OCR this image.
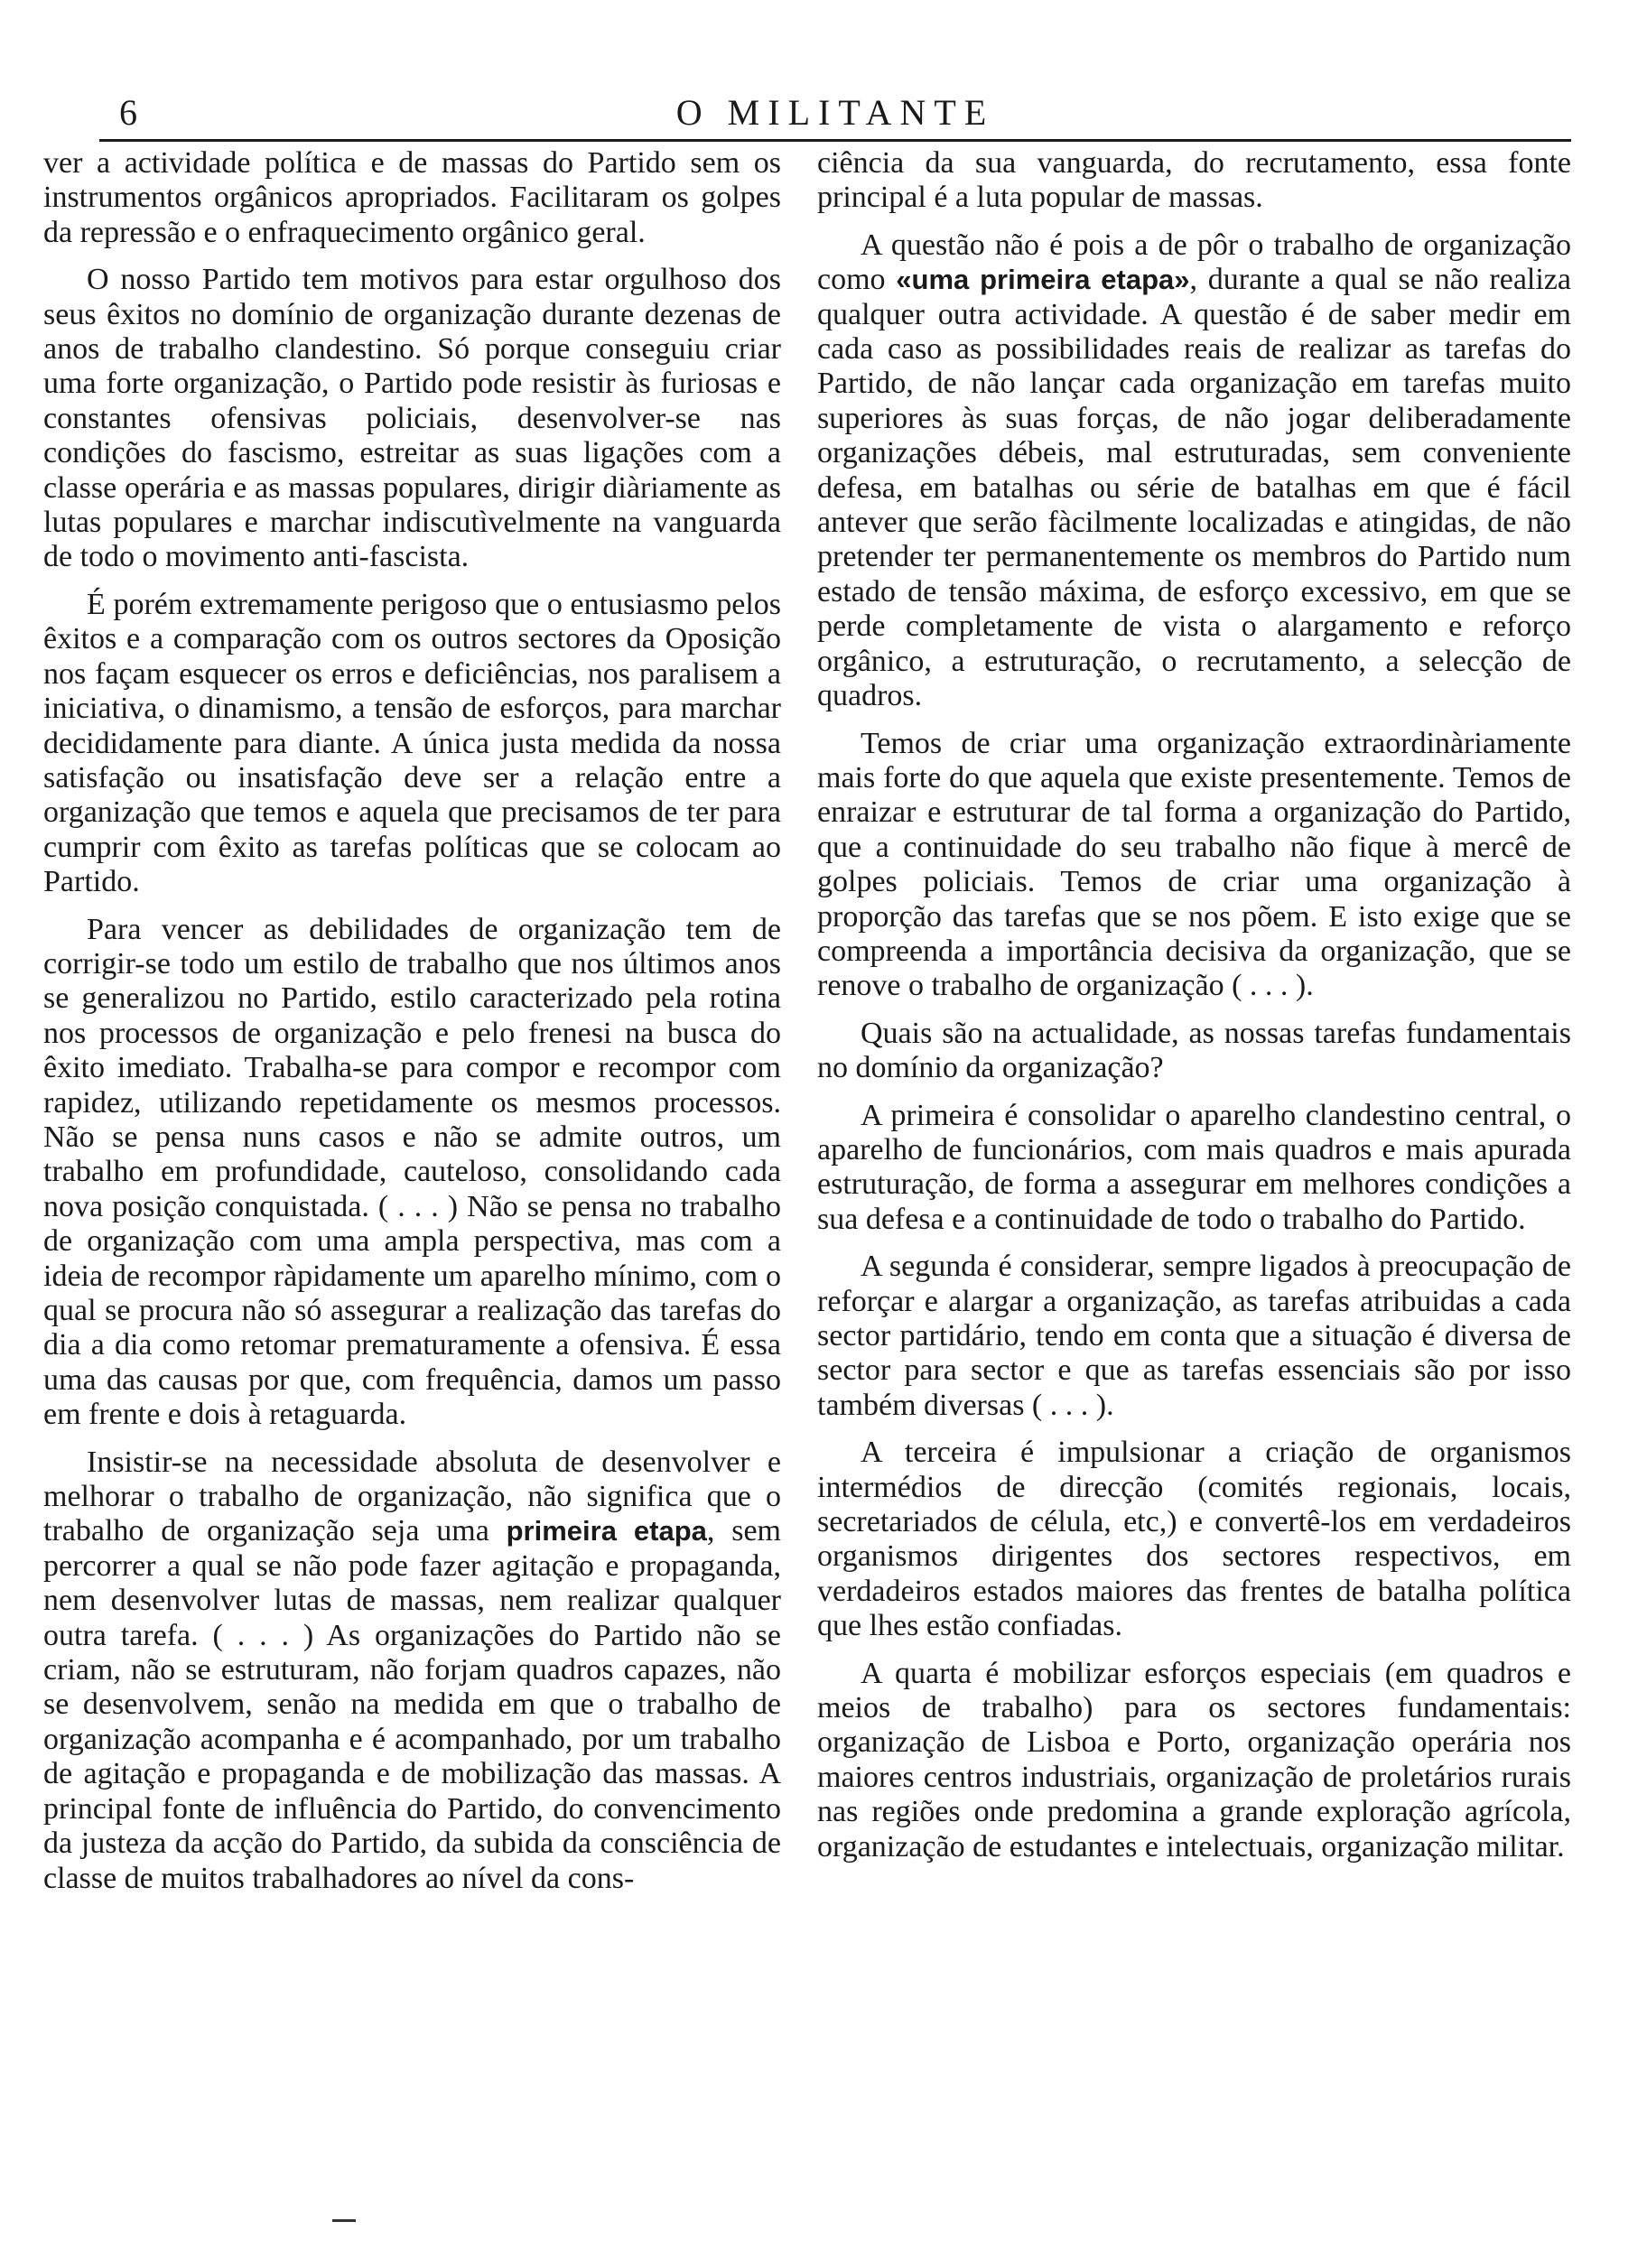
6	O MILITANTE

ver a actividade política e de massas do Partido sem os instrumentos orgânicos apropriados. Facilitaram os golpes da repressão e o enfraquecimento orgânico geral.

O nosso Partido tem motivos para estar orgulhoso dos seus êxitos no domínio de organização durante dezenas de anos de trabalho clandestino. Só porque conseguiu criar uma forte organização, o Partido pode resistir às furiosas e constantes ofensivas policiais, desenvolver-se nas condições do fascismo, estreitar as suas ligações com a classe operária e as massas populares, dirigir diàriamente as lutas populares e marchar indiscutìvelmente na vanguarda de todo o movimento anti-fascista.

É porém extremamente perigoso que o entusiasmo pelos êxitos e a comparação com os outros sectores da Oposição nos façam esquecer os erros e deficiências, nos paralisem a iniciativa, o dinamismo, a tensão de esforços, para marchar decididamente para diante. A única justa medida da nossa satisfação ou insatisfação deve ser a relação entre a organização que temos e aquela que precisamos de ter para cumprir com êxito as tarefas políticas que se colocam ao Partido.

Para vencer as debilidades de organização tem de corrigir-se todo um estilo de trabalho que nos últimos anos se generalizou no Partido, estilo caracterizado pela rotina nos processos de organização e pelo frenesi na busca do êxito imediato. Trabalha-se para compor e recompor com rapidez, utilizando repetidamente os mesmos processos. Não se pensa nuns casos e não se admite outros, um trabalho em profundidade, cauteloso, consolidando cada nova posição conquistada. ( . . . ) Não se pensa no trabalho de organização com uma ampla perspectiva, mas com a ideia de recompor ràpidamente um aparelho mínimo, com o qual se procura não só assegurar a realização das tarefas do dia a dia como retomar prematuramente a ofensiva. É essa uma das causas por que, com frequência, damos um passo em frente e dois à retaguarda.

Insistir-se na necessidade absoluta de desenvolver e melhorar o trabalho de organização, não significa que o trabalho de organização seja uma primeira etapa, sem percorrer a qual se não pode fazer agitação e propaganda, nem desenvolver lutas de massas, nem realizar qualquer outra tarefa. ( . . . ) As organizações do Partido não se criam, não se estruturam, não forjam quadros capazes, não se desenvolvem, senão na medida em que o trabalho de organização acompanha e é acompanhado, por um trabalho de agitação e propaganda e de mobilização das massas. A principal fonte de influência do Partido, do convencimento da justeza da acção do Partido, da subida da consciência de classe de muitos trabalhadores ao nível da cons-

ciência da sua vanguarda, do recrutamento, essa fonte principal é a luta popular de massas.

A questão não é pois a de pôr o trabalho de organização como «uma primeira etapa», durante a qual se não realiza qualquer outra actividade. A questão é de saber medir em cada caso as possibilidades reais de realizar as tarefas do Partido, de não lançar cada organização em tarefas muito superiores às suas forças, de não jogar deliberadamente organizações débeis, mal estruturadas, sem conveniente defesa, em batalhas ou série de batalhas em que é fácil antever que serão fàcilmente localizadas e atingidas, de não pretender ter permanentemente os membros do Partido num estado de tensão máxima, de esforço excessivo, em que se perde completamente de vista o alargamento e reforço orgânico, a estruturação, o recrutamento, a selecção de quadros.

Temos de criar uma organização extraordinàriamente mais forte do que aquela que existe presentemente. Temos de enraizar e estruturar de tal forma a organização do Partido, que a continuidade do seu trabalho não fique à mercê de golpes policiais. Temos de criar uma organização à proporção das tarefas que se nos põem. E isto exige que se compreenda a importância decisiva da organização, que se renove o trabalho de organização ( . . . ).

Quais são na actualidade, as nossas tarefas fundamentais no domínio da organização?

A primeira é consolidar o aparelho clandestino central, o aparelho de funcionários, com mais quadros e mais apurada estruturação, de forma a assegurar em melhores condições a sua defesa e a continuidade de todo o trabalho do Partido.

A segunda é considerar, sempre ligados à preocupação de reforçar e alargar a organização, as tarefas atribuidas a cada sector partidário, tendo em conta que a situação é diversa de sector para sector e que as tarefas essenciais são por isso também diversas ( . . . ).

A terceira é impulsionar a criação de organismos intermédios de direcção (comités regionais, locais, secretariados de célula, etc,) e convertê-los em verdadeiros organismos dirigentes dos sectores respectivos, em verdadeiros estados maiores das frentes de batalha política que lhes estão confiadas.

A quarta é mobilizar esforços especiais (em quadros e meios de trabalho) para os sectores fundamentais: organização de Lisboa e Porto, organização operária nos maiores centros industriais, organização de proletários rurais nas regiões onde predomina a grande exploração agrícola, organização de estudantes e intelectuais, organização militar.
